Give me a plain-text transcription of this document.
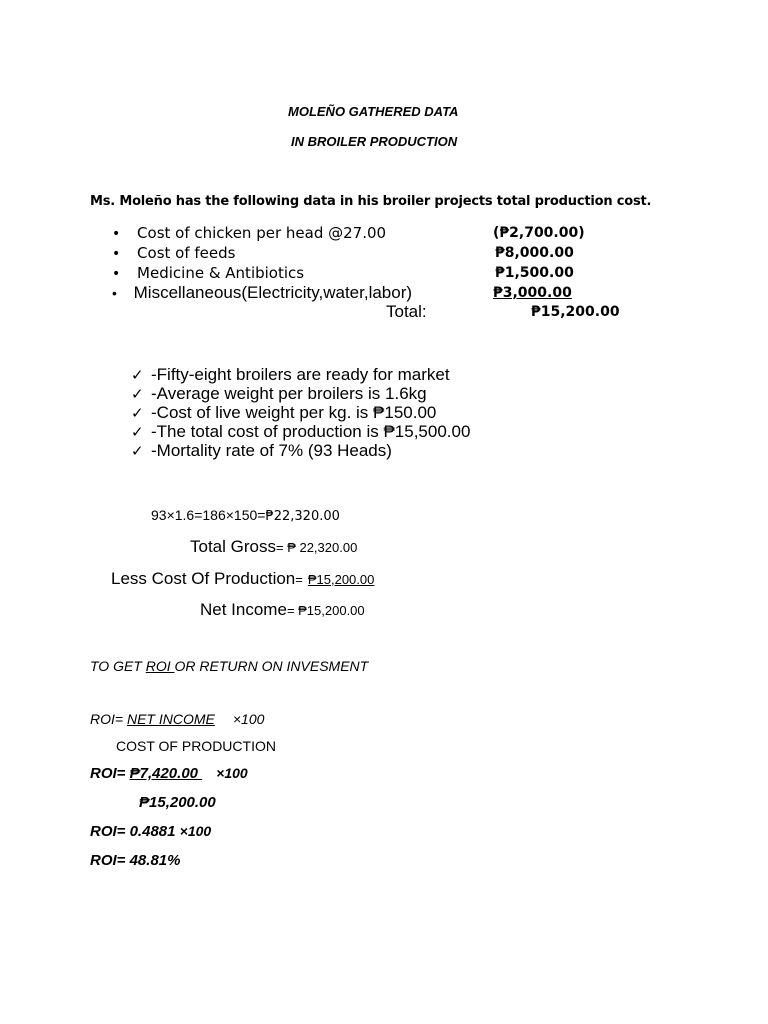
MOLEÑO GATHERED DATA
IN BROILER PRODUCTION
Ms. Moleño has the following data in his broiler projects total production cost.
• Cost of chicken per head @27.00	(₱2,700.00)
• Cost of feeds	₱8,000.00
• Medicine & Antibiotics	₱1,500.00
• Miscellaneous(Electricity,water,labor)	₱3,000.00
Total:	₱15,200.00
✓ -Fifty-eight broilers are ready for market
✓ -Average weight per broilers is 1.6kg
✓ -Cost of live weight per kg. is ₱150.00
✓ -The total cost of production is ₱15,500.00
✓ -Mortality rate of 7% (93 Heads)
93×1.6=186×150=₱22,320.00
Total Gross= ₱ 22,320.00
Less Cost Of Production= ₱15,200.00
Net Income= ₱15,200.00
TO GET ROI OR RETURN ON INVESMENT
ROI= NET INCOME ×100
COST OF PRODUCTION
ROI= ₱7,420.00 ×100
₱15,200.00
ROI= 0.4881 ×100
ROI= 48.81%
